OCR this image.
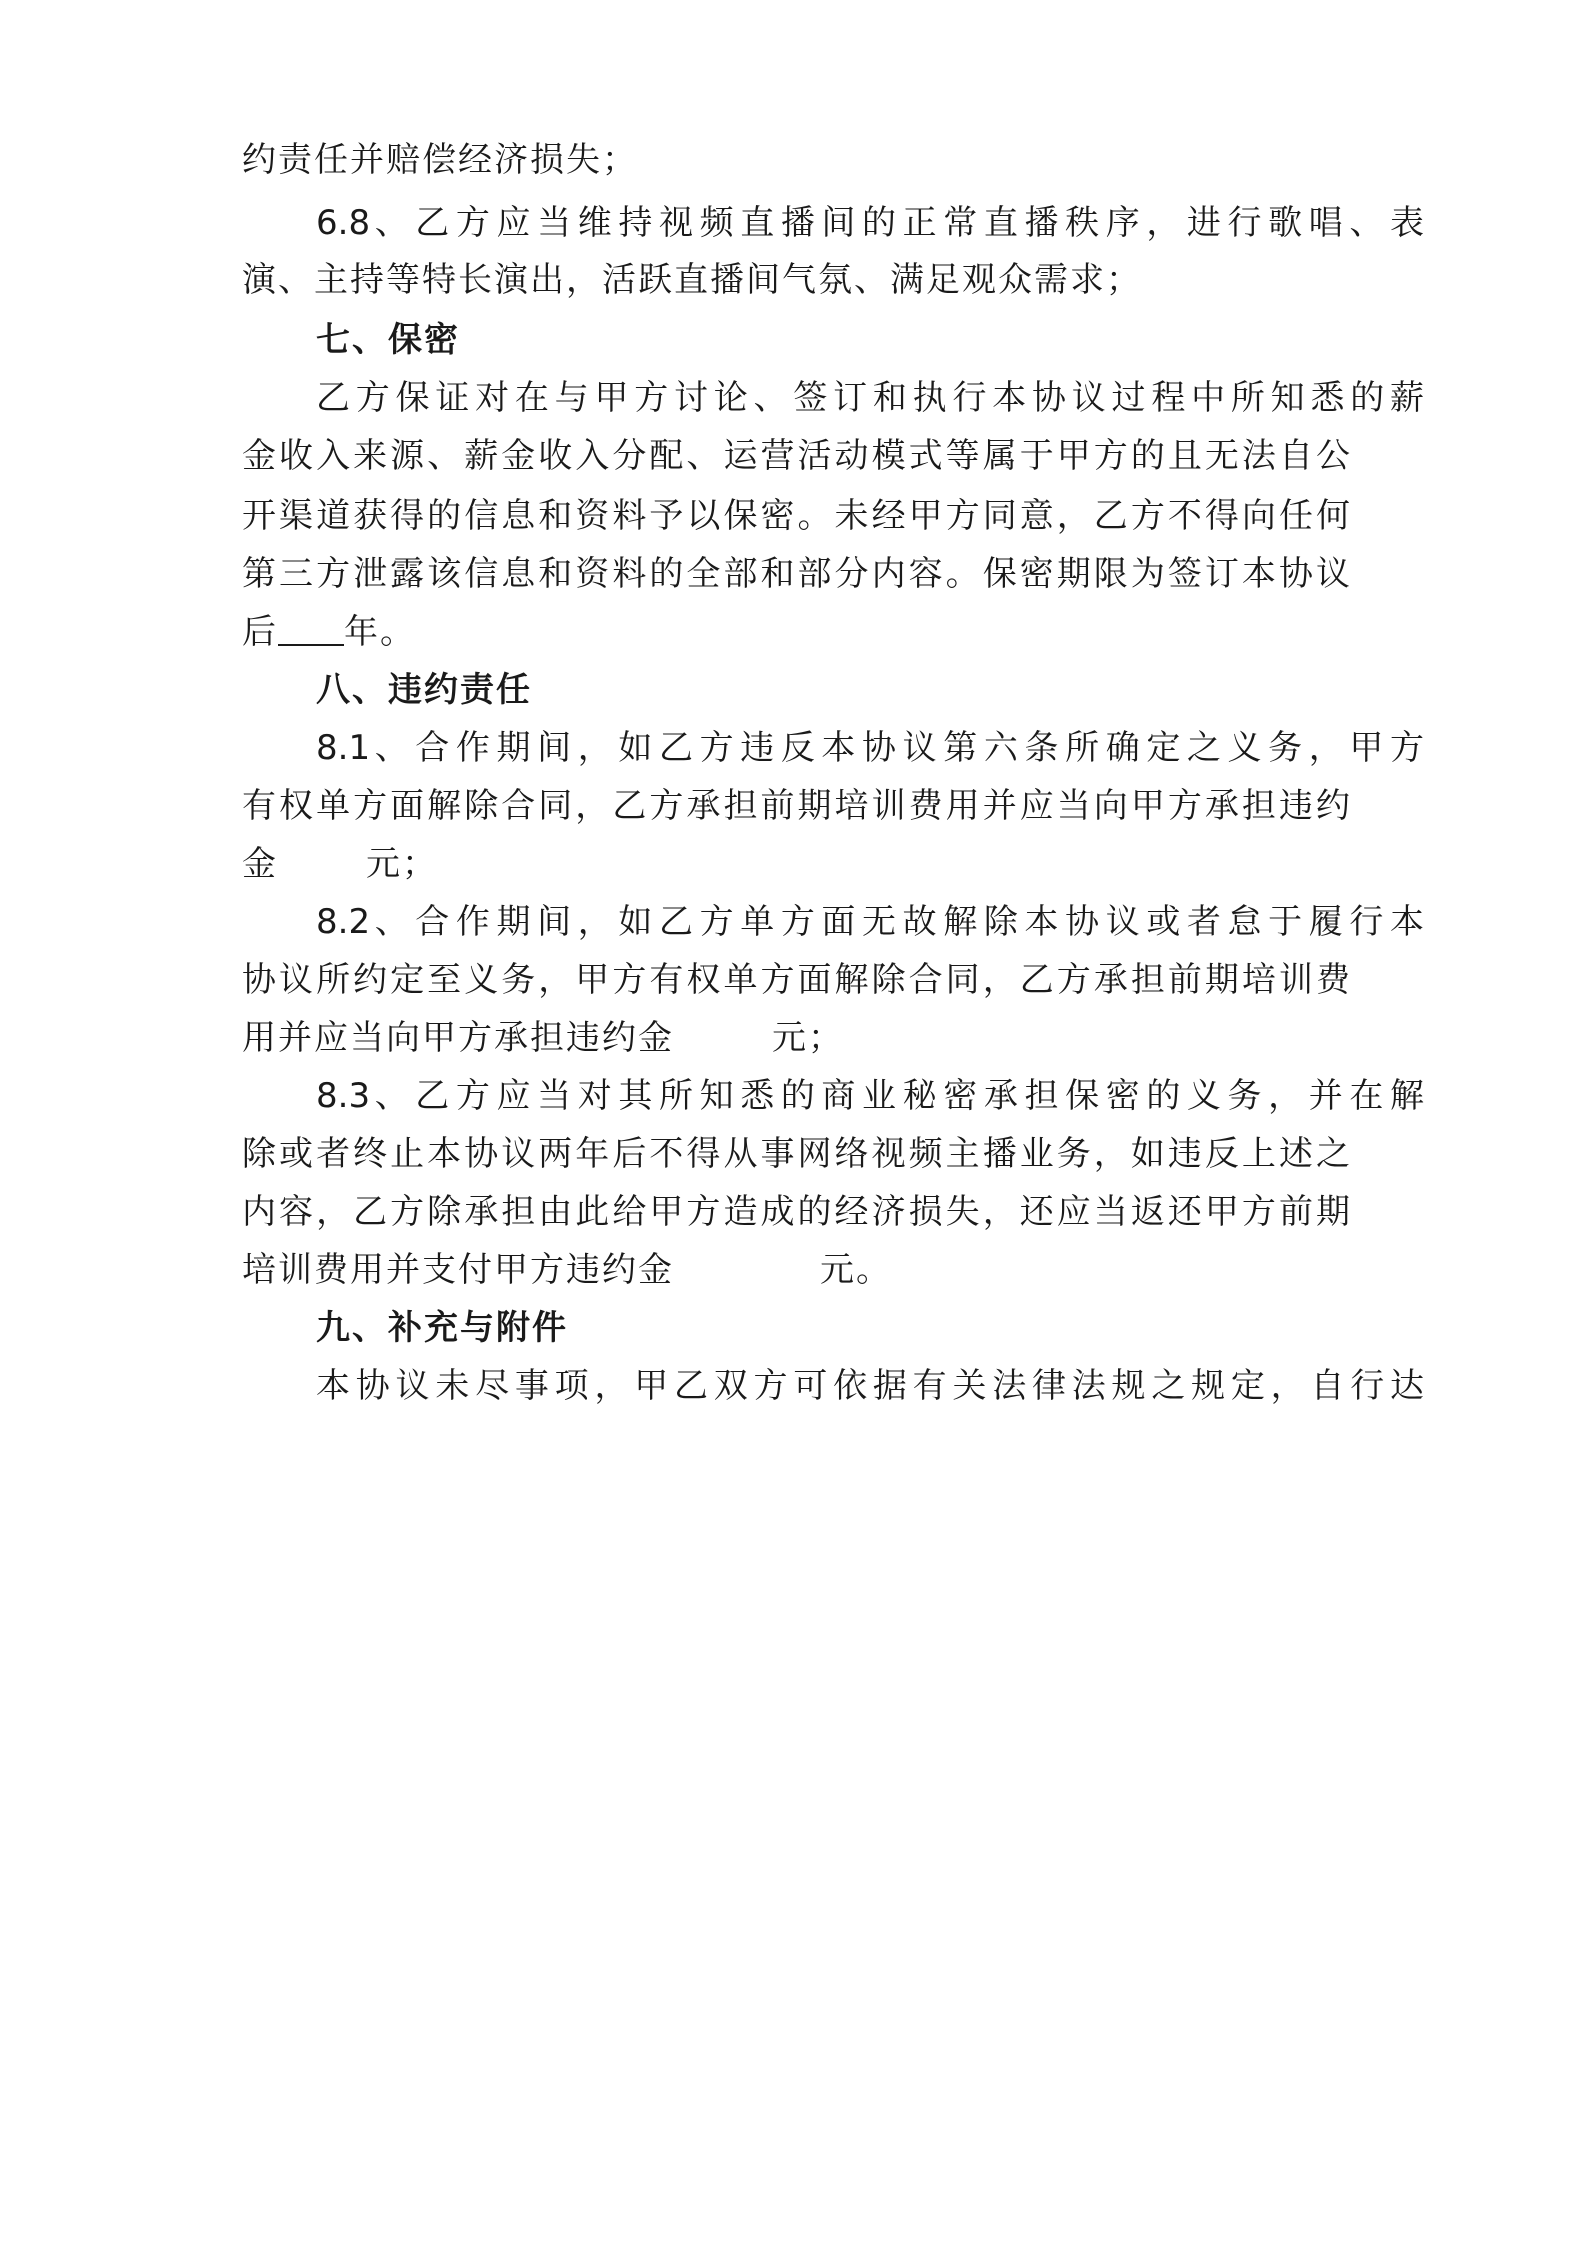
约责任并赔偿经济损失；
6.8、乙方应当维持视频直播间的正常直播秩序，进行歌唱、表
演、主持等特长演出，活跃直播间气氛、满足观众需求；
七、保密
乙方保证对在与甲方讨论、签订和执行本协议过程中所知悉的薪
金收入来源、薪金收入分配、运营活动模式等属于甲方的且无法自公
开渠道获得的信息和资料予以保密。未经甲方同意，乙方不得向任何
第三方泄露该信息和资料的全部和部分内容。保密期限为签订本协议
后 年。
八、违约责任
8.1、合作期间，如乙方违反本协议第六条所确定之义务，甲方
有权单方面解除合同，乙方承担前期培训费用并应当向甲方承担违约
金	元；
8.2、合作期间，如乙方单方面无故解除本协议或者怠于履行本
协议所约定至义务，甲方有权单方面解除合同，乙方承担前期培训费
用并应当向甲方承担违约金	元；
8.3、乙方应当对其所知悉的商业秘密承担保密的义务，并在解
除或者终止本协议两年后不得从事网络视频主播业务，如违反上述之
内容，乙方除承担由此给甲方造成的经济损失，还应当返还甲方前期
培训费用并支付甲方违约金	元。
九、补充与附件
本协议未尽事项，甲乙双方可依据有关法律法规之规定，自行达
